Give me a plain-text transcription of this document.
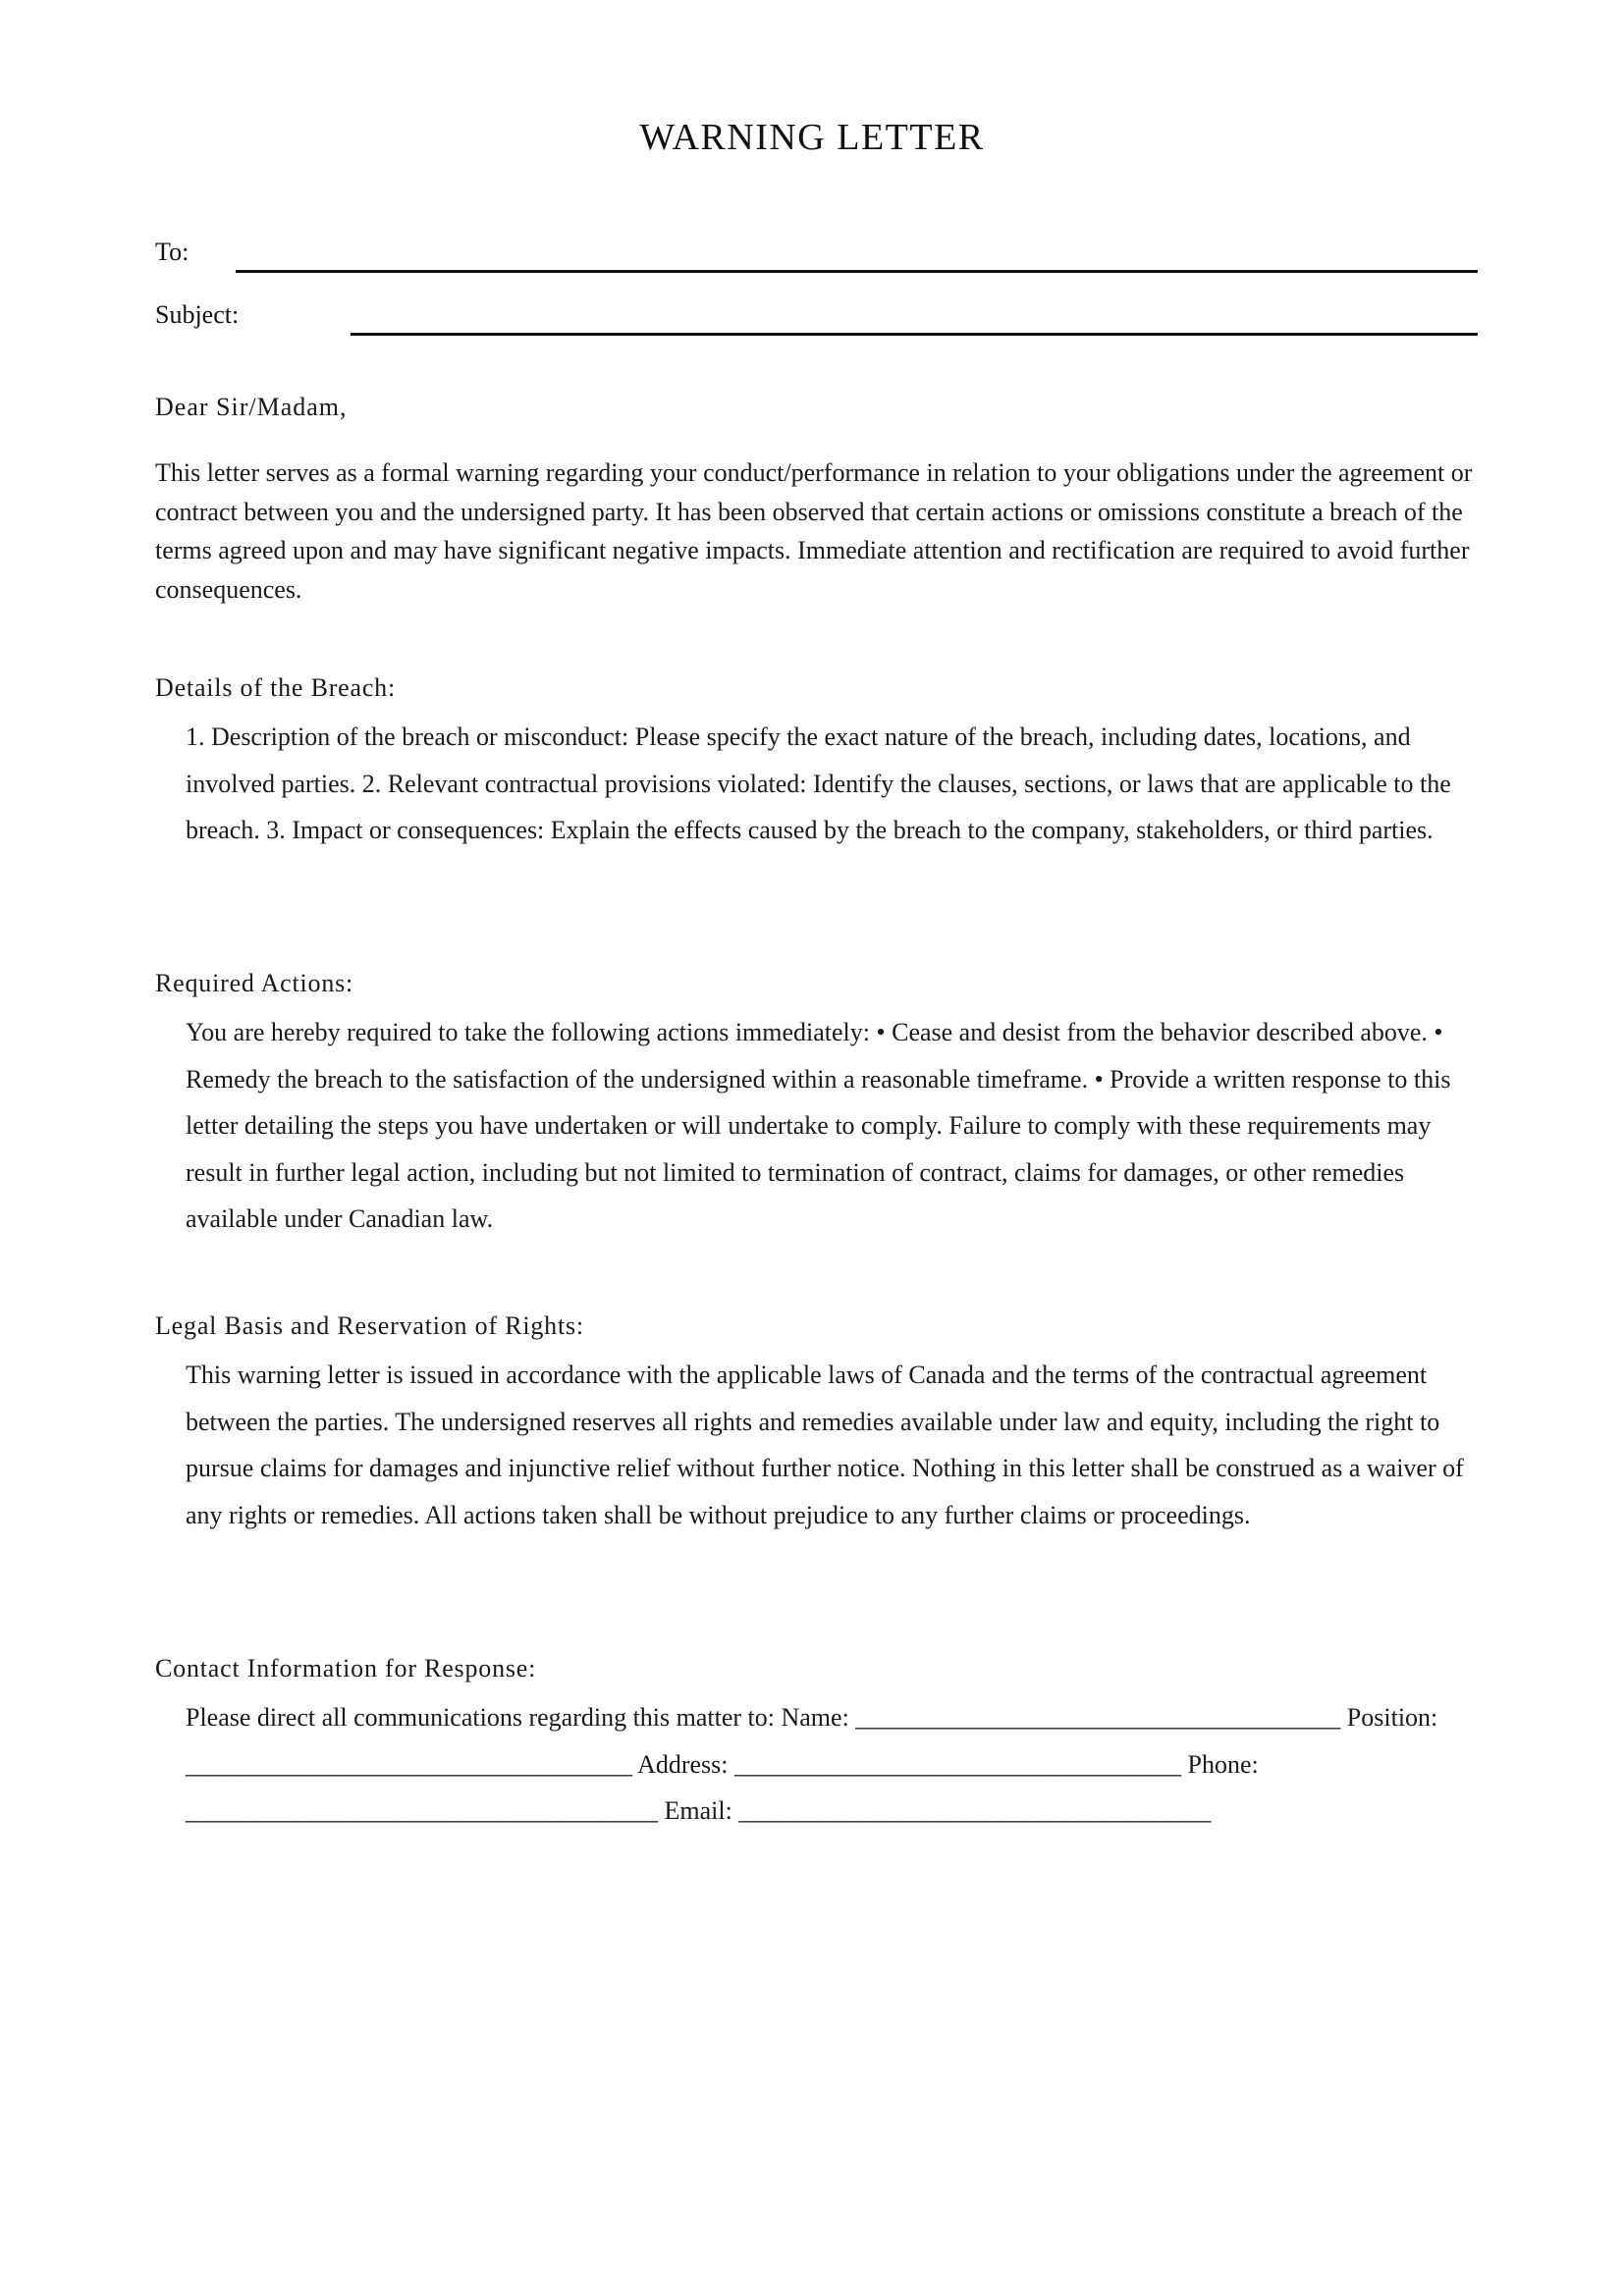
WARNING LETTER
To:
Subject:
Dear Sir/Madam,

This letter serves as a formal warning regarding your conduct/performance in relation to your obligations under the agreement or contract between you and the undersigned party. It has been observed that certain actions or omissions constitute a breach of the terms agreed upon and may have significant negative impacts. Immediate attention and rectification are required to avoid further consequences.

Details of the Breach:

1. Description of the breach or misconduct: Please specify the exact nature of the breach, including dates, locations, and involved parties. 2. Relevant contractual provisions violated: Identify the clauses, sections, or laws that are applicable to the breach. 3. Impact or consequences: Explain the effects caused by the breach to the company, stakeholders, or third parties.

Required Actions:

You are hereby required to take the following actions immediately: • Cease and desist from the behavior described above. • Remedy the breach to the satisfaction of the undersigned within a reasonable timeframe. • Provide a written response to this letter detailing the steps you have undertaken or will undertake to comply. Failure to comply with these requirements may result in further legal action, including but not limited to termination of contract, claims for damages, or other remedies available under Canadian law.

Legal Basis and Reservation of Rights:

This warning letter is issued in accordance with the applicable laws of Canada and the terms of the contractual agreement between the parties. The undersigned reserves all rights and remedies available under law and equity, including the right to pursue claims for damages and injunctive relief without further notice. Nothing in this letter shall be construed as a waiver of any rights or remedies. All actions taken shall be without prejudice to any further claims or proceedings.

Contact Information for Response:

Please direct all communications regarding this matter to: Name: ______________________________________ Position: ___________________________________ Address: ___________________________________ Phone: _____________________________________ Email: _____________________________________
